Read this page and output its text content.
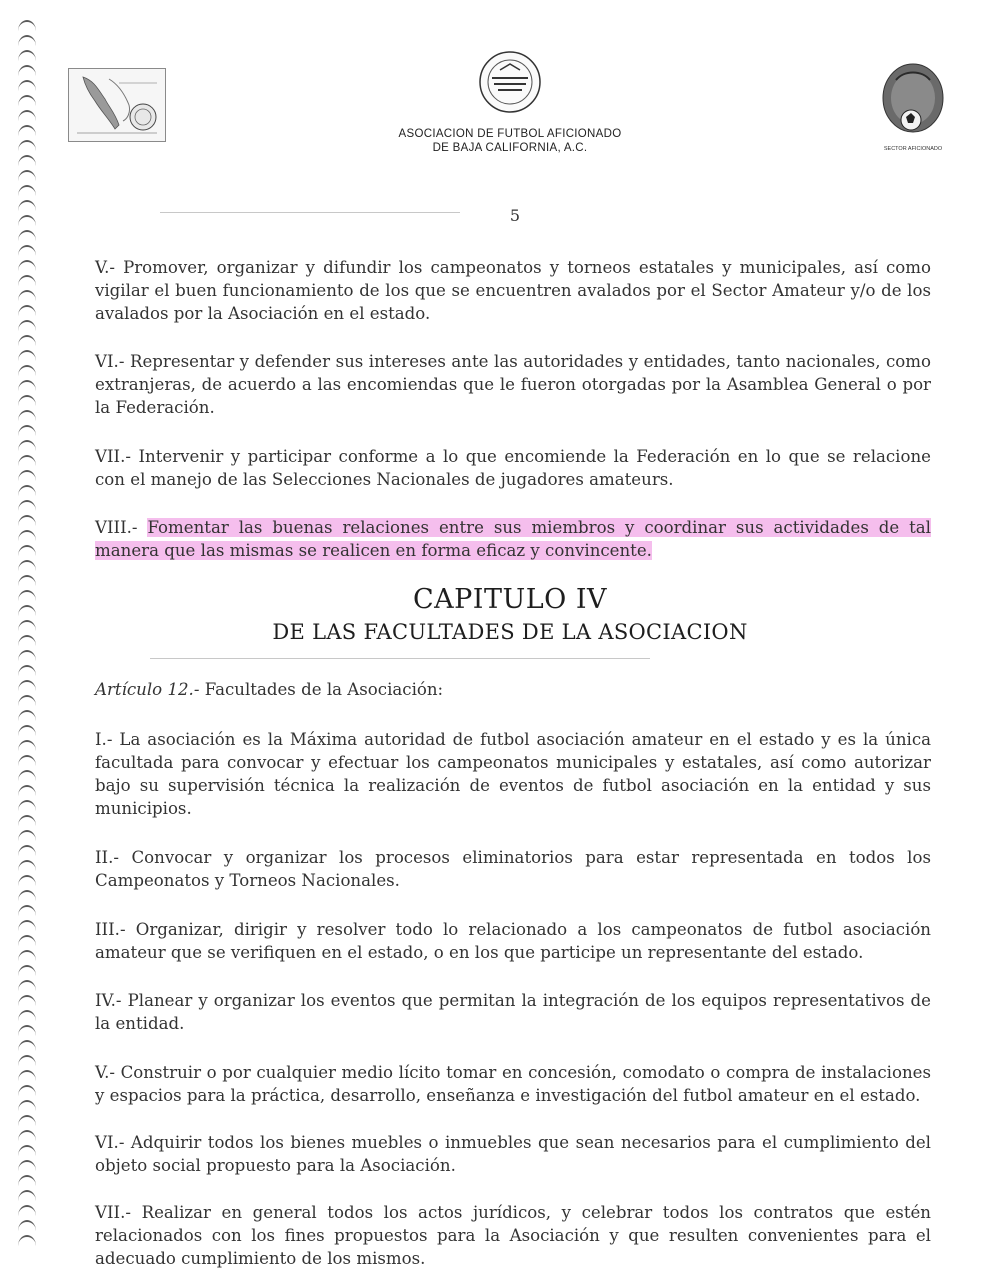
ASOCIACION DE FUTBOL AFICIONADO
DE BAJA CALIFORNIA, A.C.	SECTOR AFICIONADO
5

V.- Promover, organizar y difundir los campeonatos y torneos estatales y municipales, así como vigilar el buen funcionamiento de los que se encuentren avalados por el Sector Amateur y/o de los avalados por la Asociación en el estado.

VI.- Representar y defender sus intereses ante las autoridades y entidades, tanto nacionales, como extranjeras, de acuerdo a las encomiendas que le fueron otorgadas por la Asamblea General o por la Federación.

VII.- Intervenir y participar conforme a lo que encomiende la Federación en lo que se relacione con el manejo de las Selecciones Nacionales de jugadores amateurs.

VIII.- Fomentar las buenas relaciones entre sus miembros y coordinar sus actividades de tal manera que las mismas se realicen en forma eficaz y convincente.

CAPITULO IV
DE LAS FACULTADES DE LA ASOCIACION

Artículo 12.- Facultades de la Asociación:

I.- La asociación es la Máxima autoridad de futbol asociación amateur en el estado y es la única facultada para convocar y efectuar los campeonatos municipales y estatales, así como autorizar bajo su supervisión técnica la realización de eventos de futbol asociación en la entidad y sus municipios.

II.- Convocar y organizar los procesos eliminatorios para estar representada en todos los Campeonatos y Torneos Nacionales.

III.- Organizar, dirigir y resolver todo lo relacionado a los campeonatos de futbol asociación amateur que se verifiquen en el estado, o en los que participe un representante del estado.

IV.- Planear y organizar los eventos que permitan la integración de los equipos representativos de la entidad.

V.- Construir o por cualquier medio lícito tomar en concesión, comodato o compra de instalaciones y espacios para la práctica, desarrollo, enseñanza e investigación del futbol amateur en el estado.

VI.- Adquirir todos los bienes muebles o inmuebles que sean necesarios para el cumplimiento del objeto social propuesto para la Asociación.

VII.- Realizar en general todos los actos jurídicos, y celebrar todos los contratos que estén relacionados con los fines propuestos para la Asociación y que resulten convenientes para el adecuado cumplimiento de los mismos.
